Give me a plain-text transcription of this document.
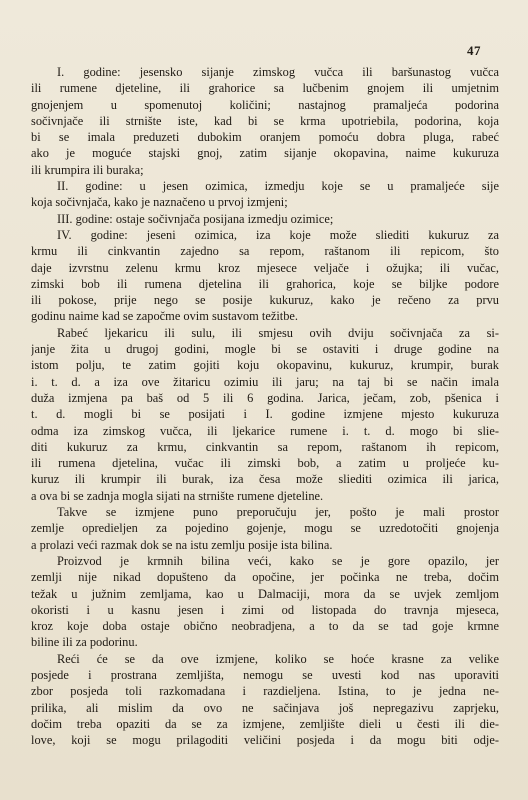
47
I. godine: jesensko sijanje zimskog vučca ili baršunastog vučca
ili rumene djeteline, ili grahorice sa lučbenim gnojem ili umjetnim
gnojenjem u spomenutoj količini; nastajnog pramaljeća podorina
sočivnjače ili strnište iste, kad bi se krma upotriebila, podorina, koja
bi se imala preduzeti dubokim oranjem pomoću dobra pluga, rabeć
ako je moguće stajski gnoj, zatim sijanje okopavina, naime kukuruza
ili krumpira ili buraka;
II. godine: u jesen ozimica, izmedju koje se u pramaljeće sije
koja sočivnjača, kako je naznačeno u prvoj izmjeni;
III. godine: ostaje sočivnjača posijana izmedju ozimice;
IV. godine: jeseni ozimica, iza koje može sliediti kukuruz za
krmu ili cinkvantin zajedno sa repom, raštanom ili repicom, što
daje izvrstnu zelenu krmu kroz mjesece veljače i ožujka; ili vučac,
zimski bob ili rumena djetelina ili grahorica, koje se biljke podore
ili pokose, prije nego se posije kukuruz, kako je rečeno za prvu
godinu naime kad se započme ovim sustavom težitbe.
Rabeć ljekaricu ili sulu, ili smjesu ovih dviju sočivnjača za si-
janje žita u drugoj godini, mogle bi se ostaviti i druge godine na
istom polju, te zatim gojiti koju okopavinu, kukuruz, krumpir, burak
i. t. d. a iza ove žitaricu ozimiu ili jaru; na taj bi se način imala
duža izmjena pa baš od 5 ili 6 godina. Jarica, ječam, zob, pšenica i
t. d. mogli bi se posijati i I. godine izmjene mjesto kukuruza
odma iza zimskog vučca, ili ljekarice rumene i. t. d. mogo bi slie-
diti kukuruz za krmu, cinkvantin sa repom, raštanom ih repicom,
ili rumena djetelina, vučac ili zimski bob, a zatim u proljeće ku-
kuruz ili krumpir ili burak, iza česa može sliediti ozimica ili jarica,
a ova bi se zadnja mogla sijati na strnište rumene djeteline.
Takve se izmjene puno preporučuju jer, pošto je mali prostor
zemlje opredieljen za pojedino gojenje, mogu se uzredotočiti gnojenja
a prolazi veći razmak dok se na istu zemlju posije ista bilina.
Proizvod je krmnih bilina veći, kako se je gore opazilo, jer
zemlji nije nikad dopušteno da opočine, jer počinka ne treba, dočim
težak u južnim zemljama, kao u Dalmaciji, mora da se uvjek zemljom
okoristi i u kasnu jesen i zimi od listopada do travnja mjeseca,
kroz koje doba ostaje obično neobradjena, a to da se tad goje krmne
biline ili za podorinu.
Reći će se da ove izmjene, koliko se hoće krasne za velike
posjede i prostrana zemljišta, nemogu se uvesti kod nas uporaviti
zbor posjeda toli razkomadana i razdieljena. Istina, to je jedna ne-
prilika, ali mislim da ovo ne sačinjava još nepregazivu zaprjeku,
dočim treba opaziti da se za izmjene, zemljište dieli u česti ili die-
love, koji se mogu prilagoditi veličini posjeda i da mogu biti odje-
